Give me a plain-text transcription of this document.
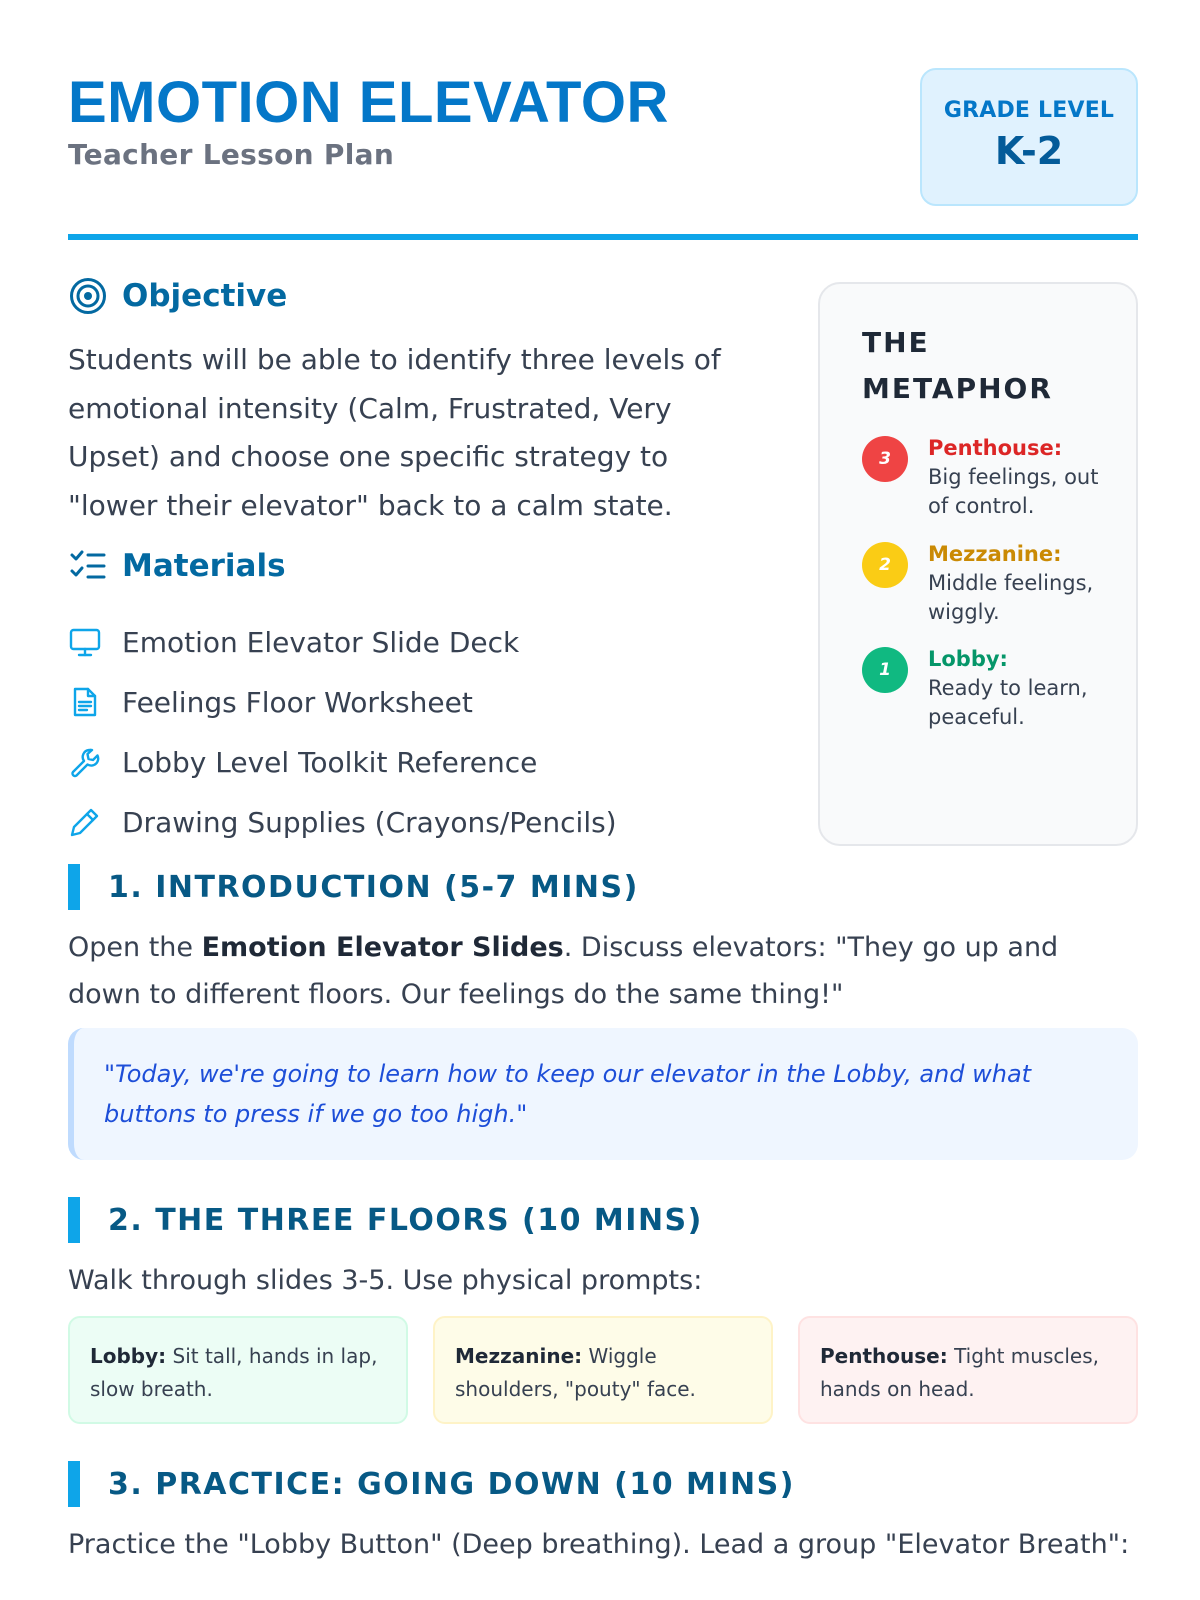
EMOTION ELEVATOR
Teacher Lesson Plan
GRADE LEVEL
K-2
Objective

Students will be able to identify three levels of emotional intensity (Calm, Frustrated, Very Upset) and choose one specific strategy to "lower their elevator" back to a calm state.

Materials
Emotion Elevator Slide Deck
Feelings Floor Worksheet
Lobby Level Toolkit Reference
Drawing Supplies (Crayons/Pencils)
THE METAPHOR
3	Penthouse:
Big feelings, out of control.
2	Mezzanine:
Middle feelings, wiggly.
1	Lobby:
Ready to learn, peaceful.
1. INTRODUCTION (5-7 MINS)

Open the Emotion Elevator Slides. Discuss elevators: "They go up and down to different floors. Our feelings do the same thing!"

"Today, we're going to learn how to keep our elevator in the Lobby, and what buttons to press if we go too high."
2. THE THREE FLOORS (10 MINS)

Walk through slides 3-5. Use physical prompts:

Lobby: Sit tall, hands in lap, slow breath.
Mezzanine: Wiggle shoulders, "pouty" face.
Penthouse: Tight muscles, hands on head.
3. PRACTICE: GOING DOWN (10 MINS)

Practice the "Lobby Button" (Deep breathing). Lead a group "Elevator Breath":
